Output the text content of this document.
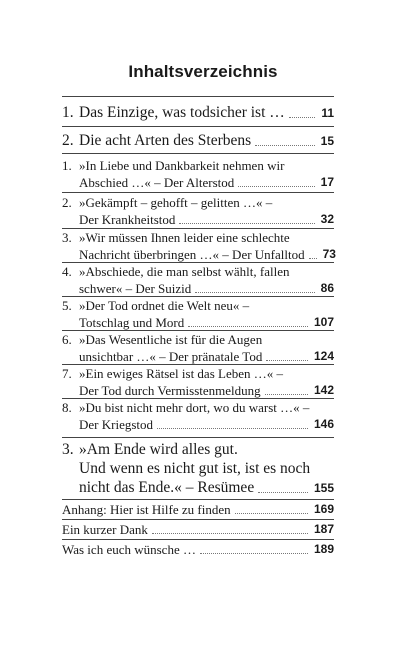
Inhaltsverzeichnis
1. Das Einzige, was todsicher ist …	11
2. Die acht Arten des Sterbens	15
1. »In Liebe und Dankbarkeit nehmen wir
Abschied …« – Der Alterstod	17
2. »Gekämpft – gehofft – gelitten …« –
Der Krankheitstod	32
3. »Wir müssen Ihnen leider eine schlechte
Nachricht überbringen …« – Der Unfalltod 73
4. »Abschiede, die man selbst wählt, fallen
schwer« – Der Suizid	86
5. »Der Tod ordnet die Welt neu« –
Totschlag und Mord	107
6. »Das Wesentliche ist für die Augen
unsichtbar …« – Der pränatale Tod	124
7. »Ein ewiges Rätsel ist das Leben …« –
Der Tod durch Vermisstenmeldung	142
8. »Du bist nicht mehr dort, wo du warst …« –
Der Kriegstod	146
3. »Am Ende wird alles gut.
Und wenn es nicht gut ist, ist es noch
nicht das Ende.« – Resümee	155
Anhang: Hier ist Hilfe zu finden	169
Ein kurzer Dank	187
Was ich euch wünsche …	189
